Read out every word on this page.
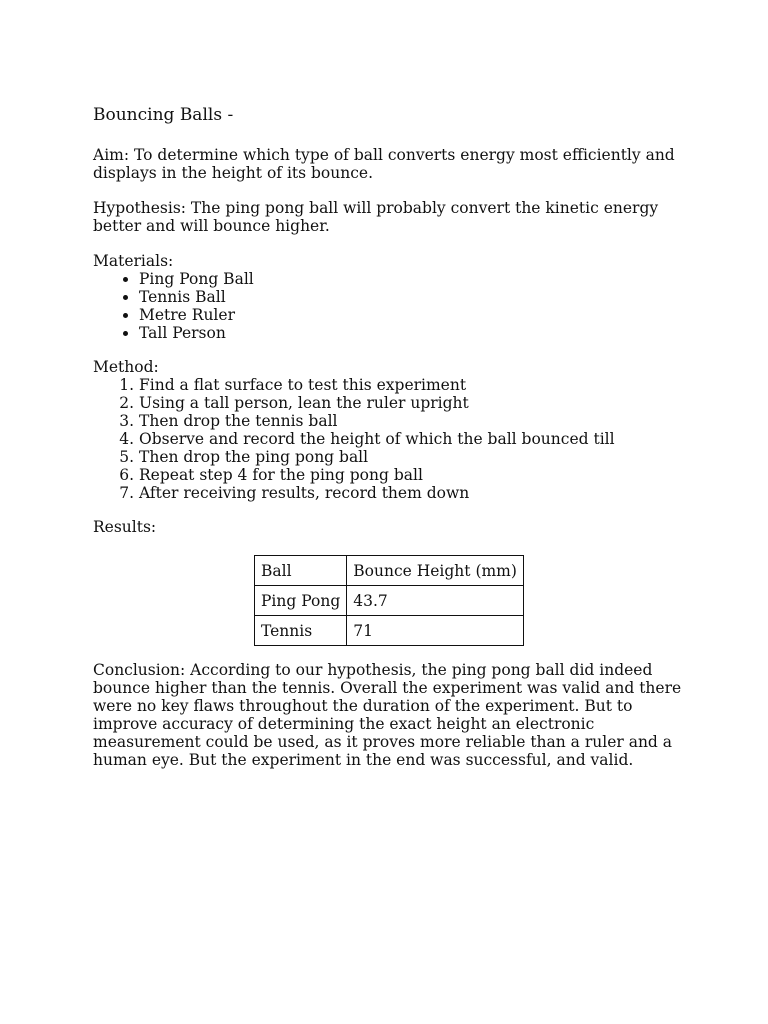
Bouncing Balls -

Aim: To determine which type of ball converts energy most efficiently and displays in the height of its bounce.

Hypothesis: The ping pong ball will probably convert the kinetic energy better and will bounce higher.

Materials:

• Ping Pong Ball
• Tennis Ball
• Metre Ruler
• Tall Person

Method:

1. Find a flat surface to test this experiment
2. Using a tall person, lean the ruler upright
3. Then drop the tennis ball
4. Observe and record the height of which the ball bounced till
5. Then drop the ping pong ball
6. Repeat step 4 for the ping pong ball
7. After receiving results, record them down

Results:

Ball	Bounce Height (mm)
Ping Pong	43.7
Tennis	71

Conclusion: According to our hypothesis, the ping pong ball did indeed bounce higher than the tennis. Overall the experiment was valid and there were no key flaws throughout the duration of the experiment. But to improve accuracy of determining the exact height an electronic measurement could be used, as it proves more reliable than a ruler and a human eye. But the experiment in the end was successful, and valid.
